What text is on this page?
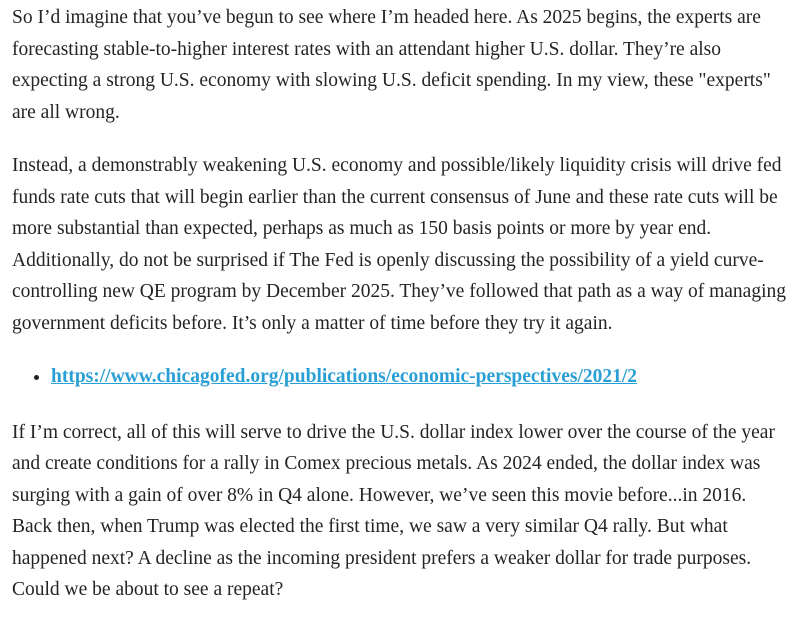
So I’d imagine that you’ve begun to see where I’m headed here. As 2025 begins, the experts are forecasting stable-to-higher interest rates with an attendant higher U.S. dollar. They’re also expecting a strong U.S. economy with slowing U.S. deficit spending. In my view, these "experts" are all wrong.

Instead, a demonstrably weakening U.S. economy and possible/likely liquidity crisis will drive fed funds rate cuts that will begin earlier than the current consensus of June and these rate cuts will be more substantial than expected, perhaps as much as 150 basis points or more by year end. Additionally, do not be surprised if The Fed is openly discussing the possibility of a yield curve-controlling new QE program by December 2025. They’ve followed that path as a way of managing government deficits before. It’s only a matter of time before they try it again.

• https://www.chicagofed.org/publications/economic-perspectives/2021/2

If I’m correct, all of this will serve to drive the U.S. dollar index lower over the course of the year and create conditions for a rally in Comex precious metals. As 2024 ended, the dollar index was surging with a gain of over 8% in Q4 alone. However, we’ve seen this movie before...in 2016. Back then, when Trump was elected the first time, we saw a very similar Q4 rally. But what happened next? A decline as the incoming president prefers a weaker dollar for trade purposes. Could we be about to see a repeat?
